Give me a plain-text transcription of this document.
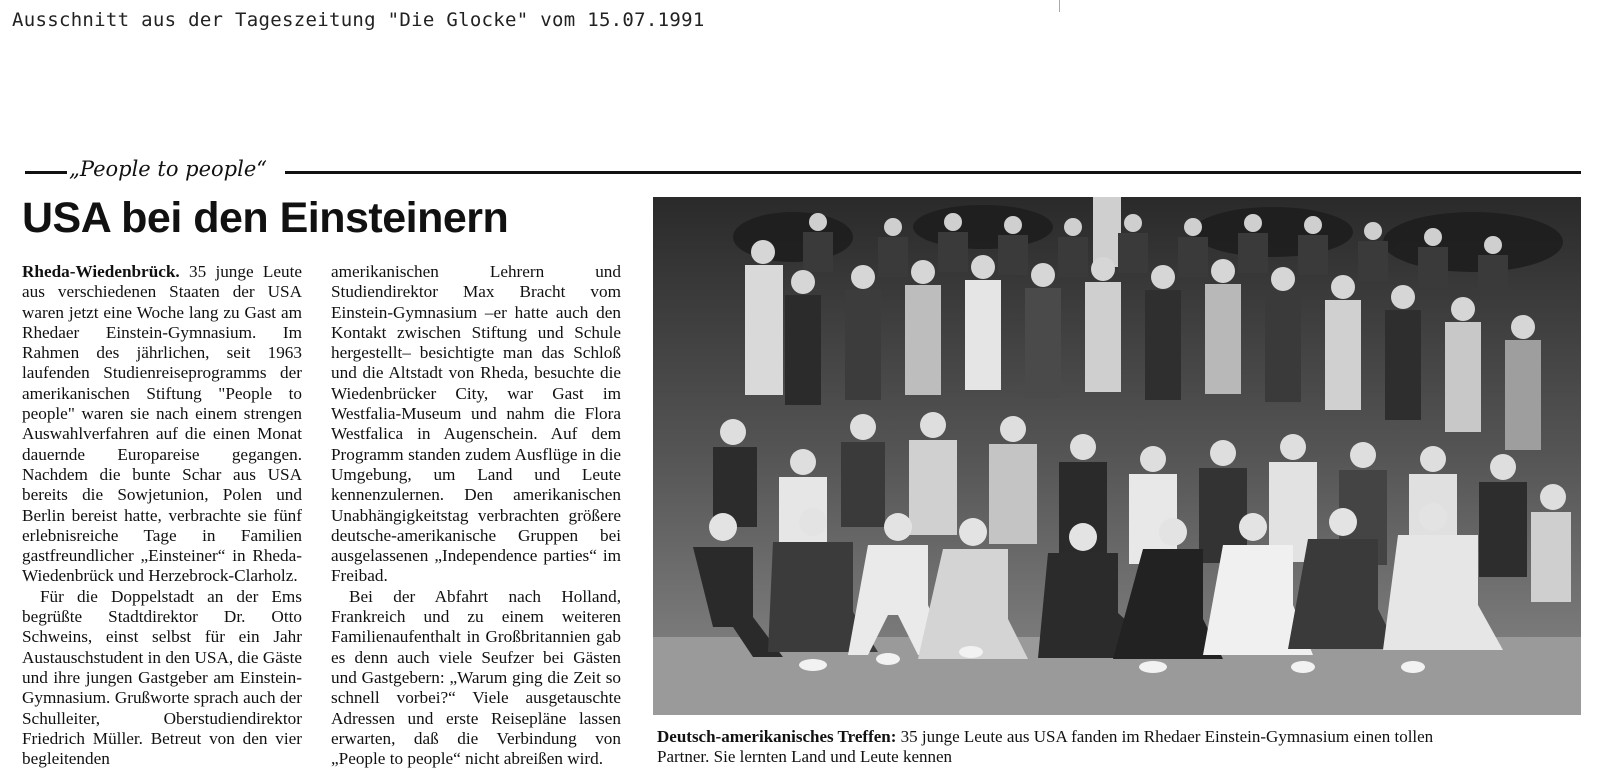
Ausschnitt aus der Tageszeitung "Die Glocke" vom 15.07.1991
„People to people“
USA bei den Einsteinern

Rheda-Wiedenbrück. 35 junge Leute aus verschiedenen Staaten der USA waren jetzt eine Woche lang zu Gast am Rhedaer Einstein-Gymnasium. Im Rahmen des jährlichen, seit 1963 laufenden Studienreiseprogramms der amerikanischen Stiftung "People to people" waren sie nach einem strengen Auswahlverfahren auf die einen Monat dauernde Europareise gegangen. Nachdem die bunte Schar aus USA bereits die Sowjetunion, Polen und Berlin bereist hatte, verbrachte sie fünf erlebnisreiche Tage in Familien gastfreundlicher „Einsteiner“ in Rheda-Wiedenbrück und Herzebrock-Clarholz.

Für die Doppelstadt an der Ems begrüßte Stadtdirektor Dr. Otto Schweins, einst selbst für ein Jahr Austauschstudent in den USA, die Gäste und ihre jungen Gastgeber am Einstein-Gymnasium. Grußworte sprach auch der Schulleiter, Oberstudiendirektor Friedrich Müller. Betreut von den vier begleitenden

amerikanischen Lehrern und Studiendirektor Max Bracht vom Einstein-Gymnasium –er hatte auch den Kontakt zwischen Stiftung und Schule hergestellt– besichtigte man das Schloß und die Altstadt von Rheda, besuchte die Wiedenbrücker City, war Gast im Westfalia-Museum und nahm die Flora Westfalica in Augenschein. Auf dem Programm standen zudem Ausflüge in die Umgebung, um Land und Leute kennenzulernen. Den amerikanischen Unabhängigkeitstag verbrachten größere deutsche-amerikanische Gruppen bei ausgelassenen „Independence parties“ im Freibad.

Bei der Abfahrt nach Holland, Frankreich und zu einem weiteren Familienaufenthalt in Großbritannien gab es denn auch viele Seufzer bei Gästen und Gastgebern: „Warum ging die Zeit so schnell vorbei?“ Viele ausgetauschte Adressen und erste Reisepläne lassen erwarten, daß die Verbindung von „People to people“ nicht abreißen wird.

Deutsch-amerikanisches Treffen: 35 junge Leute aus USA fanden im Rhedaer Einstein-Gymnasium einen tollen
Partner. Sie lernten Land und Leute kennen
